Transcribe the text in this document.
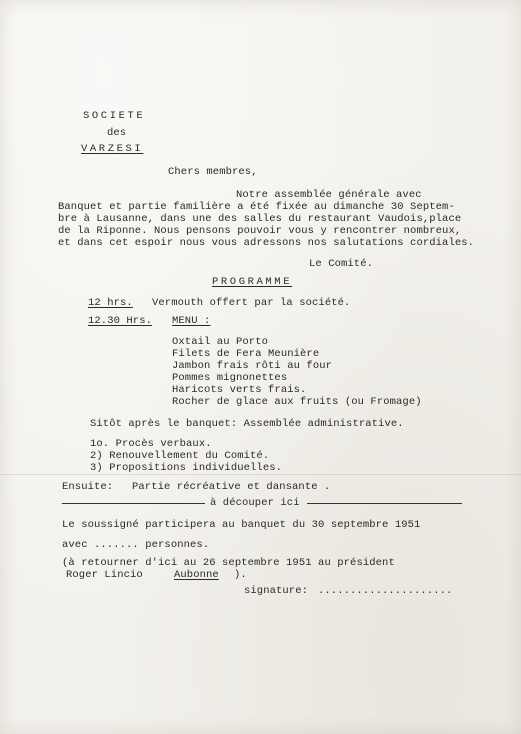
SOCIETE
des
VARZESI
Chers membres,
Notre assemblée générale avec
Banquet et partie familière a été fixée au dimanche 30 Septem-
bre à Lausanne, dans une des salles du restaurant Vaudois,place
de la Riponne. Nous pensons pouvoir vous y rencontrer nombreux,
et dans cet espoir nous vous adressons nos salutations cordiales.
Le Comité.
PROGRAMME
12 hrs. Vermouth offert par la société.
12.30 Hrs. MENU :
Oxtail au Porto
Filets de Fera Meunière
Jambon frais rôti au four
Pommes mignonettes
Haricots verts frais.
Rocher de glace aux fruits (ou Fromage)
Sitôt après le banquet: Assemblée administrative.
1o. Procès verbaux.
2) Renouvellement du Comité.
3) Propositions individuelles.
Ensuite: Partie récréative et dansante .
à découper ici
Le soussigné participera au banquet du 30 septembre 1951
avec ....... personnes.
(à retourner d'ici au 26 septembre 1951 au président
Roger Lincio	Aubonne ).
signature: .....................
